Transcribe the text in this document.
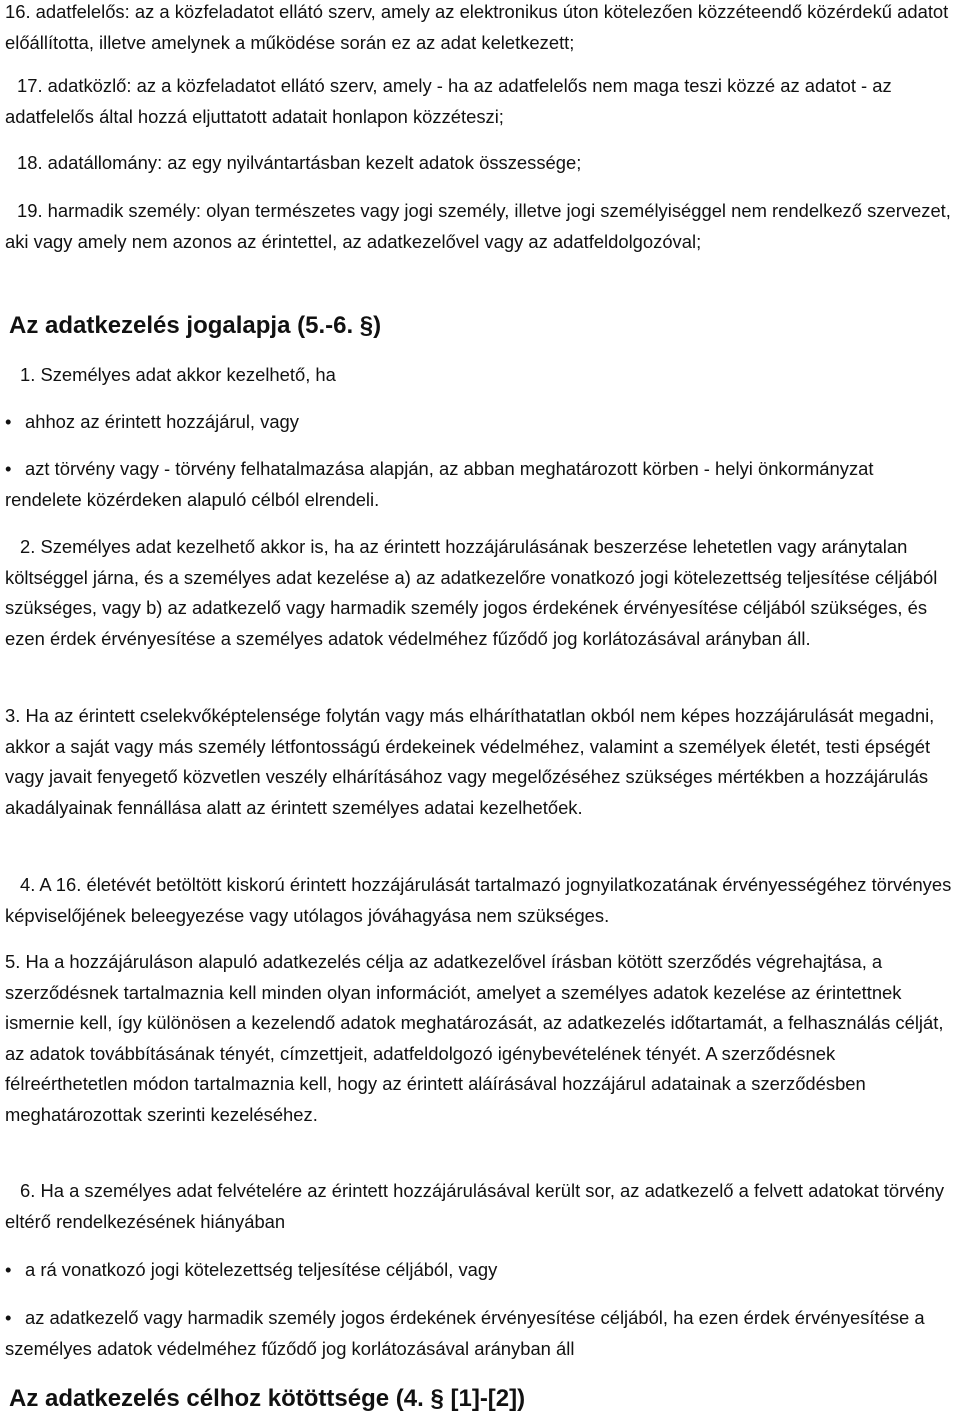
16. adatfelelős: az a közfeladatot ellátó szerv, amely az elektronikus úton kötelezően közzéteendő közérdekű adatot előállította, illetve amelynek a működése során ez az adat keletkezett;

17. adatközlő: az a közfeladatot ellátó szerv, amely - ha az adatfelelős nem maga teszi közzé az adatot - az adatfelelős által hozzá eljuttatott adatait honlapon közzéteszi;

18. adatállomány: az egy nyilvántartásban kezelt adatok összessége;

19. harmadik személy: olyan természetes vagy jogi személy, illetve jogi személyiséggel nem rendelkező szervezet, aki vagy amely nem azonos az érintettel, az adatkezelővel vagy az adatfeldolgozóval;

Az adatkezelés jogalapja (5.-6. §)

1. Személyes adat akkor kezelhető, ha

• ahhoz az érintett hozzájárul, vagy

• azt törvény vagy - törvény felhatalmazása alapján, az abban meghatározott körben - helyi önkormányzat rendelete közérdeken alapuló célból elrendeli.

2. Személyes adat kezelhető akkor is, ha az érintett hozzájárulásának beszerzése lehetetlen vagy aránytalan költséggel járna, és a személyes adat kezelése a) az adatkezelőre vonatkozó jogi kötelezettség teljesítése céljából szükséges, vagy b) az adatkezelő vagy harmadik személy jogos érdekének érvényesítése céljából szükséges, és ezen érdek érvényesítése a személyes adatok védelméhez fűződő jog korlátozásával arányban áll.

3. Ha az érintett cselekvőképtelensége folytán vagy más elháríthatatlan okból nem képes hozzájárulását megadni, akkor a saját vagy más személy létfontosságú érdekeinek védelméhez, valamint a személyek életét, testi épségét vagy javait fenyegető közvetlen veszély elhárításához vagy megelőzéséhez szükséges mértékben a hozzájárulás akadályainak fennállása alatt az érintett személyes adatai kezelhetőek.

4. A 16. életévét betöltött kiskorú érintett hozzájárulását tartalmazó jognyilatkozatának érvényességéhez törvényes képviselőjének beleegyezése vagy utólagos jóváhagyása nem szükséges.

5. Ha a hozzájáruláson alapuló adatkezelés célja az adatkezelővel írásban kötött szerződés végrehajtása, a szerződésnek tartalmaznia kell minden olyan információt, amelyet a személyes adatok kezelése az érintettnek ismernie kell, így különösen a kezelendő adatok meghatározását, az adatkezelés időtartamát, a felhasználás célját, az adatok továbbításának tényét, címzettjeit, adatfeldolgozó igénybevételének tényét. A szerződésnek félreérthetetlen módon tartalmaznia kell, hogy az érintett aláírásával hozzájárul adatainak a szerződésben meghatározottak szerinti kezeléséhez.

6. Ha a személyes adat felvételére az érintett hozzájárulásával került sor, az adatkezelő a felvett adatokat törvény eltérő rendelkezésének hiányában

• a rá vonatkozó jogi kötelezettség teljesítése céljából, vagy

• az adatkezelő vagy harmadik személy jogos érdekének érvényesítése céljából, ha ezen érdek érvényesítése a személyes adatok védelméhez fűződő jog korlátozásával arányban áll

Az adatkezelés célhoz kötöttsége (4. § [1]-[2])
